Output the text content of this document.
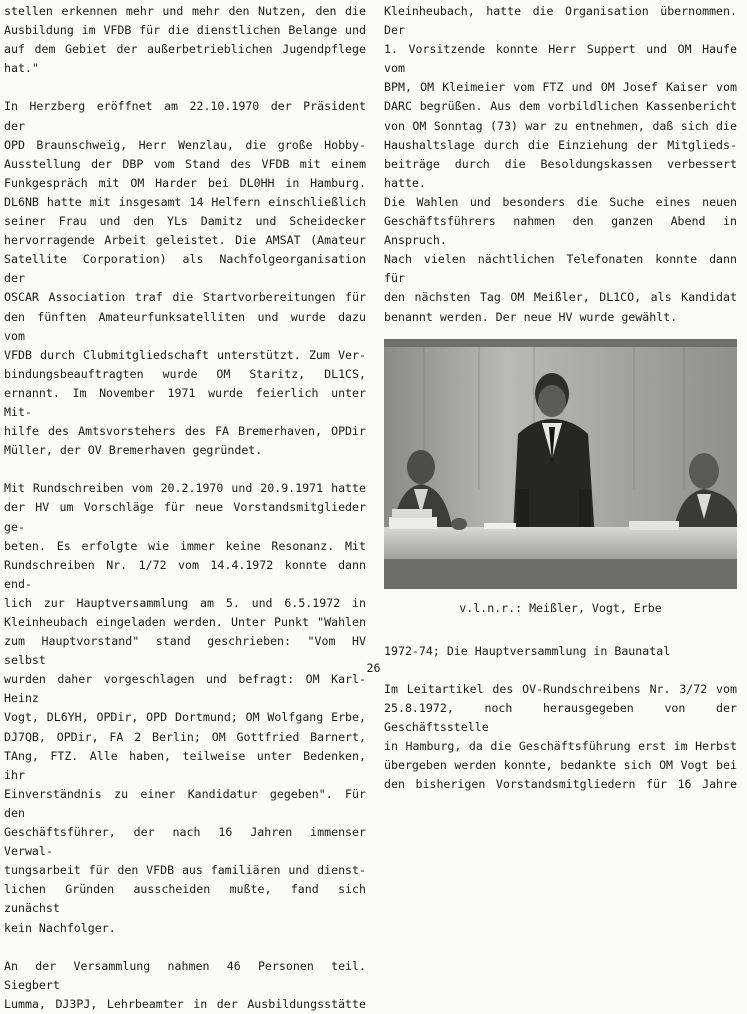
stellen erkennen mehr und mehr den Nutzen, den die
Ausbildung im VFDB für die dienstlichen Belange und
auf dem Gebiet der außerbetrieblichen Jugendpflege
hat."
In Herzberg eröffnet am 22.10.1970 der Präsident der
OPD Braunschweig, Herr Wenzlau, die große Hobby-
Ausstellung der DBP vom Stand des VFDB mit einem
Funkgespräch mit OM Harder bei DL0HH in Hamburg.
DL6NB hatte mit insgesamt 14 Helfern einschließlich
seiner Frau und den YLs Damitz und Scheidecker
hervorragende Arbeit geleistet. Die AMSAT (Amateur
Satellite Corporation) als Nachfolgeorganisation der
OSCAR Association traf die Startvorbereitungen für
den fünften Amateurfunksatelliten und wurde dazu vom
VFDB durch Clubmitgliedschaft unterstützt. Zum Ver-
bindungsbeauftragten wurde OM Staritz, DL1CS,
ernannt. Im November 1971 wurde feierlich unter Mit-
hilfe des Amtsvorstehers des FA Bremerhaven, OPDir
Müller, der OV Bremerhaven gegründet.
Mit Rundschreiben vom 20.2.1970 und 20.9.1971 hatte
der HV um Vorschläge für neue Vorstandsmitglieder ge-
beten. Es erfolgte wie immer keine Resonanz. Mit
Rundschreiben Nr. 1/72 vom 14.4.1972 konnte dann end-
lich zur Hauptversammlung am 5. und 6.5.1972 in
Kleinheubach eingeladen werden. Unter Punkt "Wahlen
zum Hauptvorstand" stand geschrieben: "Vom HV selbst
wurden daher vorgeschlagen und befragt: OM Karl-Heinz
Vogt, DL6YH, OPDir, OPD Dortmund; OM Wolfgang Erbe,
DJ7QB, OPDir, FA 2 Berlin; OM Gottfried Barnert,
TAng, FTZ. Alle haben, teilweise unter Bedenken, ihr
Einverständnis zu einer Kandidatur gegeben". Für den
Geschäftsführer, der nach 16 Jahren immenser Verwal-
tungsarbeit für den VFDB aus familiären und dienst-
lichen Gründen ausscheiden mußte, fand sich zunächst
kein Nachfolger.
An der Versammlung nahmen 46 Personen teil. Siegbert
Lumma, DJ3PJ, Lehrbeamter in der Ausbildungsstätte
Kleinheubach, hatte die Organisation übernommen. Der
1. Vorsitzende konnte Herr Suppert und OM Haufe vom
BPM, OM Kleimeier vom FTZ und OM Josef Kaiser vom
DARC begrüßen. Aus dem vorbildlichen Kassenbericht
von OM Sonntag (73) war zu entnehmen, daß sich die
Haushaltslage durch die Einziehung der Mitglieds-
beiträge durch die Besoldungskassen verbessert hatte.
Die Wahlen und besonders die Suche eines neuen
Geschäftsführers nahmen den ganzen Abend in Anspruch.
Nach vielen nächtlichen Telefonaten konnte dann für
den nächsten Tag OM Meißler, DL1CO, als Kandidat
benannt werden. Der neue HV wurde gewählt.
v.l.n.r.: Meißler, Vogt, Erbe
1972-74; Die Hauptversammlung in Baunatal
Im Leitartikel des OV-Rundschreibens Nr. 3/72 vom
25.8.1972, noch herausgegeben von der Geschäftsstelle
in Hamburg, da die Geschäftsführung erst im Herbst
übergeben werden konnte, bedankte sich OM Vogt bei
den bisherigen Vorstandsmitgliedern für 16 Jahre
26
